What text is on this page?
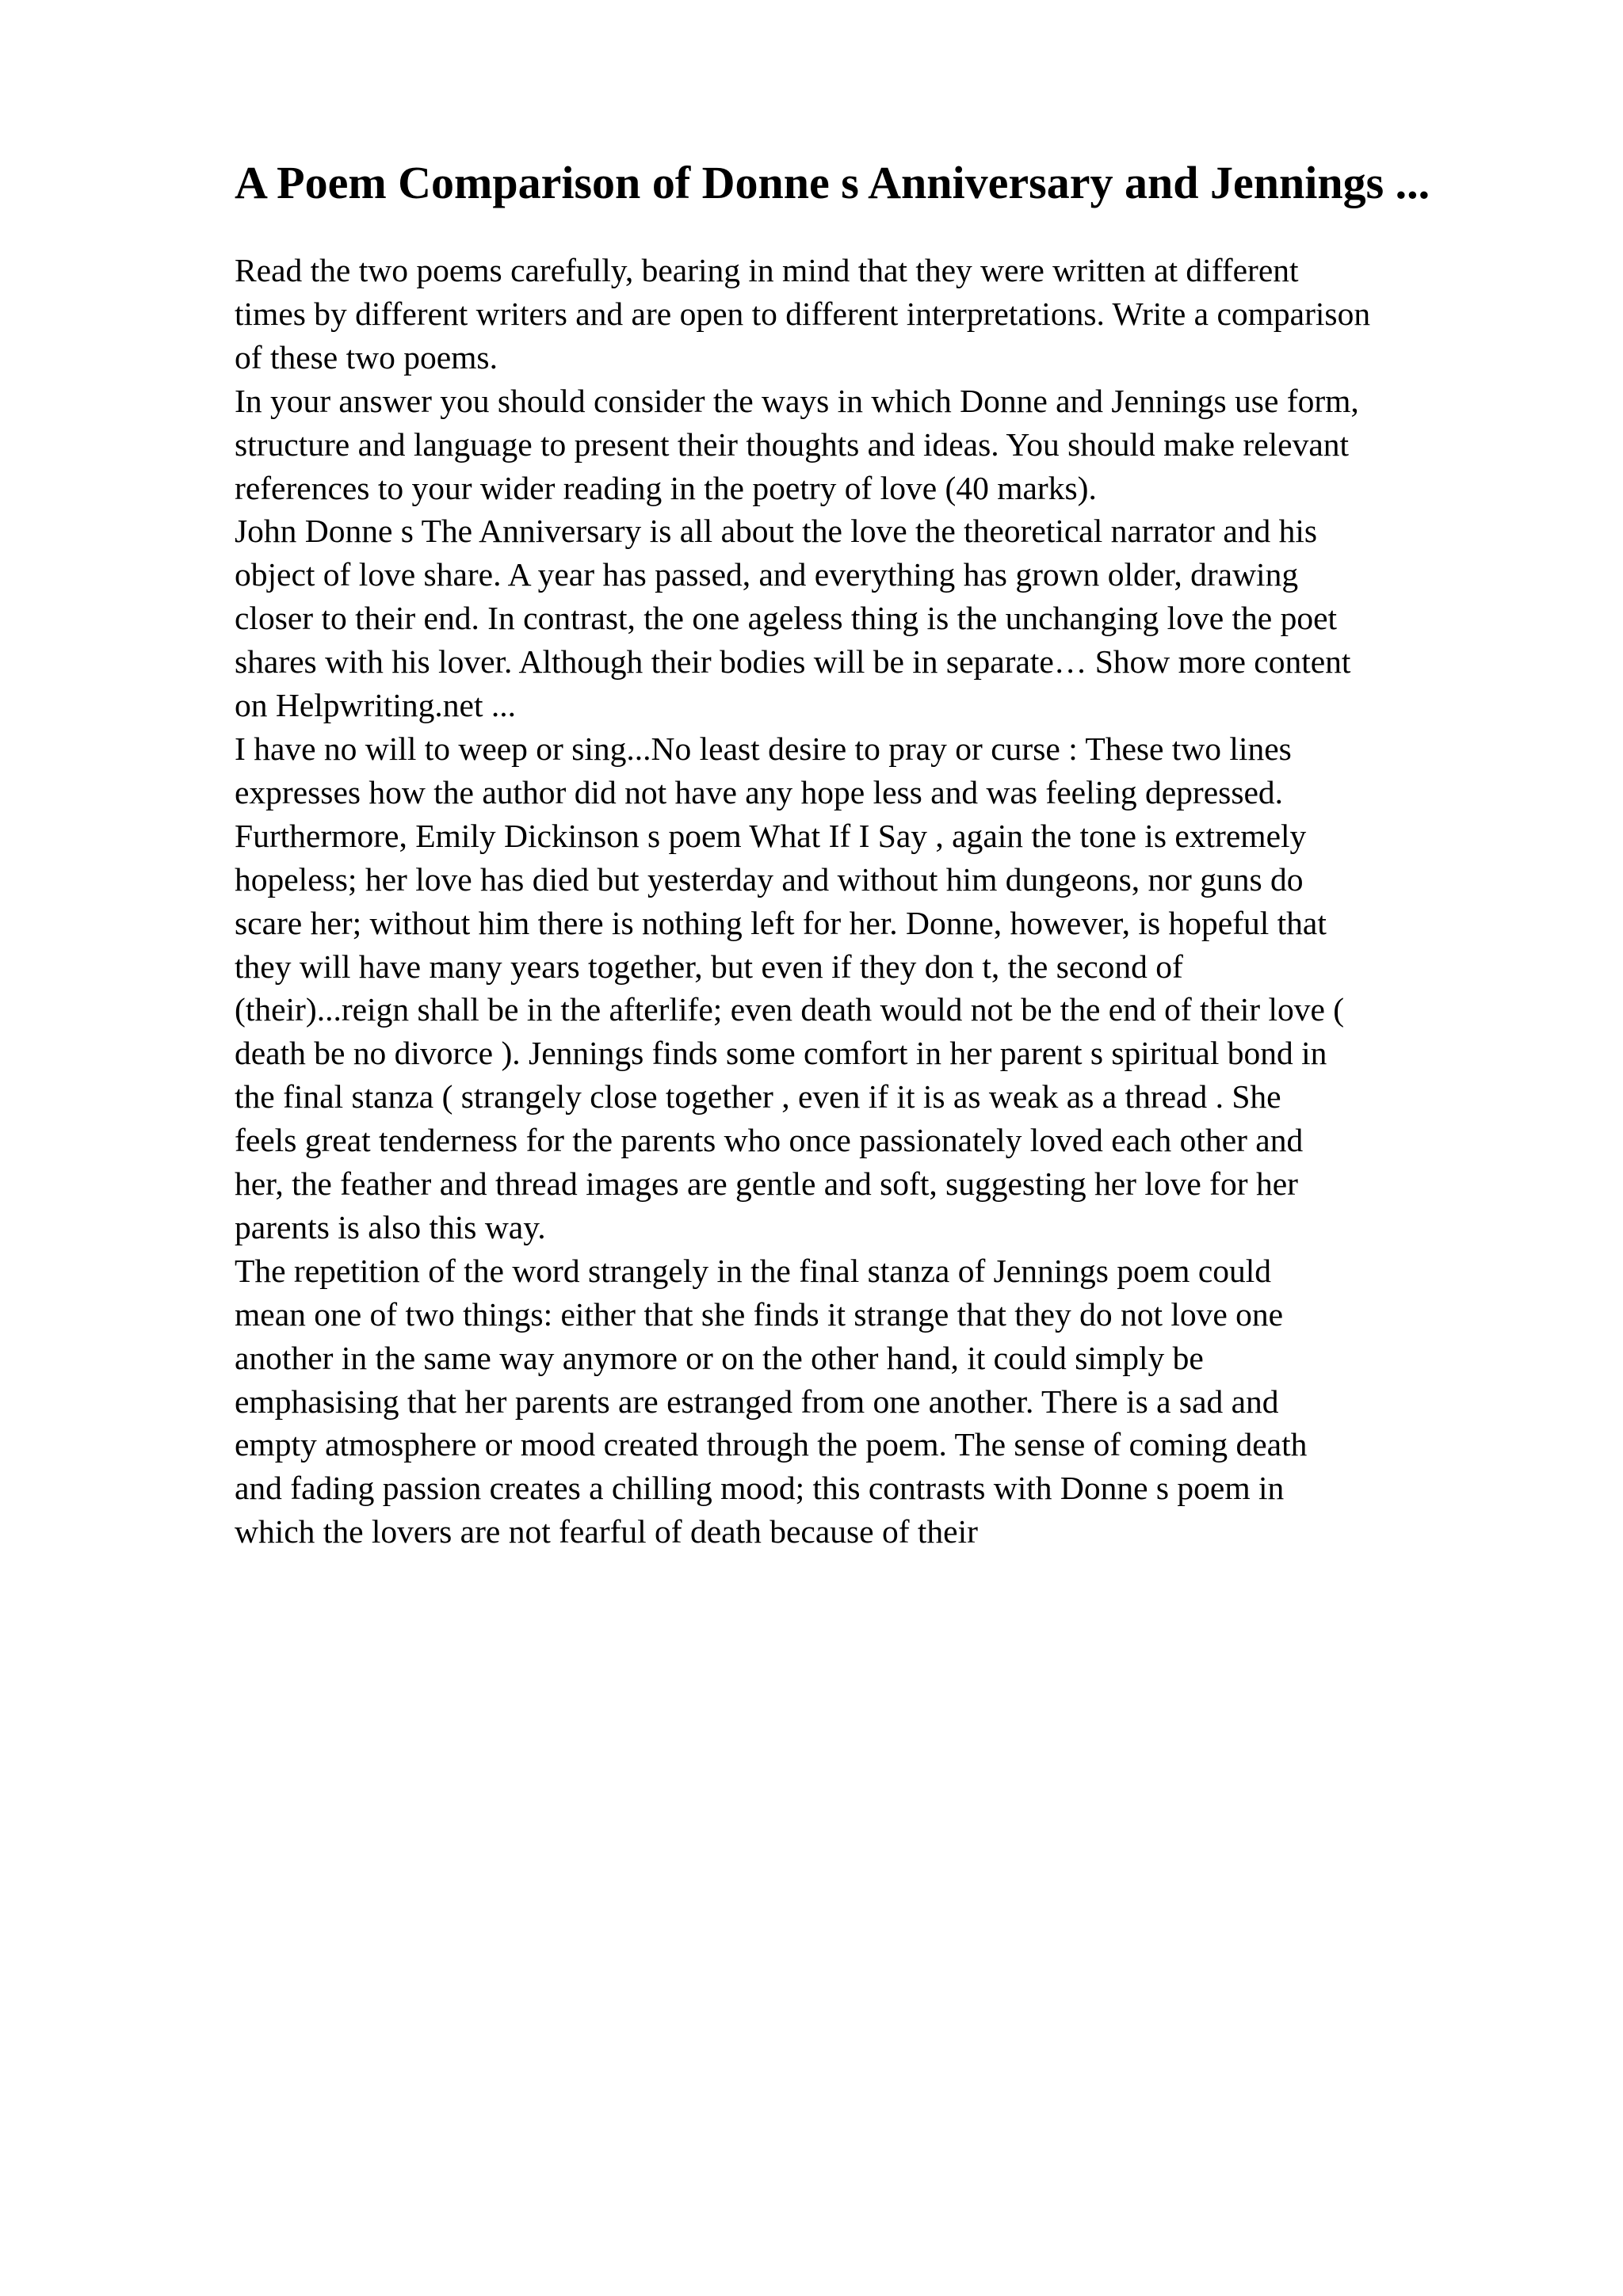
A Poem Comparison of Donne s Anniversary and Jennings ...
Read the two poems carefully, bearing in mind that they were written at different
times by different writers and are open to different interpretations. Write a comparison
of these two poems.
In your answer you should consider the ways in which Donne and Jennings use form,
structure and language to present their thoughts and ideas. You should make relevant
references to your wider reading in the poetry of love (40 marks).
John Donne s The Anniversary is all about the love the theoretical narrator and his
object of love share. A year has passed, and everything has grown older, drawing
closer to their end. In contrast, the one ageless thing is the unchanging love the poet
shares with his lover. Although their bodies will be in separate… Show more content
on Helpwriting.net ...
I have no will to weep or sing...No least desire to pray or curse : These two lines
expresses how the author did not have any hope less and was feeling depressed.
Furthermore, Emily Dickinson s poem What If I Say , again the tone is extremely
hopeless; her love has died but yesterday and without him dungeons, nor guns do
scare her; without him there is nothing left for her. Donne, however, is hopeful that
they will have many years together, but even if they don t, the second of
(their)...reign shall be in the afterlife; even death would not be the end of their love (
death be no divorce ). Jennings finds some comfort in her parent s spiritual bond in
the final stanza ( strangely close together , even if it is as weak as a thread . She
feels great tenderness for the parents who once passionately loved each other and
her, the feather and thread images are gentle and soft, suggesting her love for her
parents is also this way.
The repetition of the word strangely in the final stanza of Jennings poem could
mean one of two things: either that she finds it strange that they do not love one
another in the same way anymore or on the other hand, it could simply be
emphasising that her parents are estranged from one another. There is a sad and
empty atmosphere or mood created through the poem. The sense of coming death
and fading passion creates a chilling mood; this contrasts with Donne s poem in
which the lovers are not fearful of death because of their
